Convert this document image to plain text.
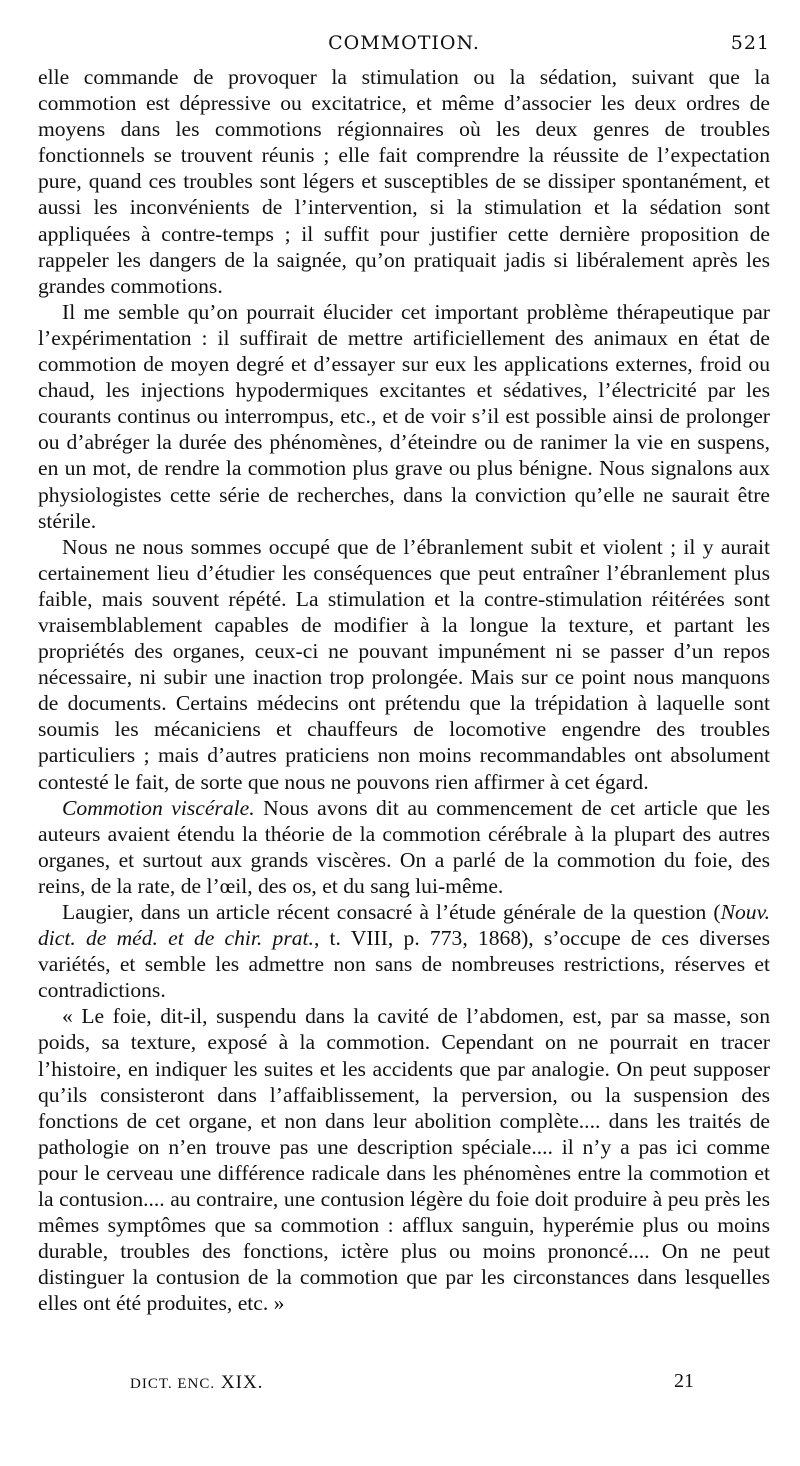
COMMOTION.	521

elle commande de provoquer la stimulation ou la sédation, suivant que la commotion est dépressive ou excitatrice, et même d’associer les deux ordres de moyens dans les commotions régionnaires où les deux genres de troubles fonctionnels se trouvent réunis ; elle fait comprendre la réussite de l’expectation pure, quand ces troubles sont légers et susceptibles de se dissiper spontanément, et aussi les inconvénients de l’intervention, si la stimulation et la sédation sont appliquées à contre-temps ; il suffit pour justifier cette dernière proposition de rappeler les dangers de la saignée, qu’on pratiquait jadis si libéralement après les grandes commotions.

Il me semble qu’on pourrait élucider cet important problème thérapeutique par l’expérimentation : il suffirait de mettre artificiellement des animaux en état de commotion de moyen degré et d’essayer sur eux les applications externes, froid ou chaud, les injections hypodermiques excitantes et sédatives, l’électricité par les courants continus ou interrompus, etc., et de voir s’il est possible ainsi de prolonger ou d’abréger la durée des phénomènes, d’éteindre ou de ranimer la vie en suspens, en un mot, de rendre la commotion plus grave ou plus bénigne. Nous signalons aux physiologistes cette série de recherches, dans la conviction qu’elle ne saurait être stérile.

Nous ne nous sommes occupé que de l’ébranlement subit et violent ; il y aurait certainement lieu d’étudier les conséquences que peut entraîner l’ébranlement plus faible, mais souvent répété. La stimulation et la contre-stimulation réitérées sont vraisemblablement capables de modifier à la longue la texture, et partant les propriétés des organes, ceux-ci ne pouvant impunément ni se passer d’un repos nécessaire, ni subir une inaction trop prolongée. Mais sur ce point nous manquons de documents. Certains médecins ont prétendu que la trépidation à laquelle sont soumis les mécaniciens et chauffeurs de locomotive engendre des troubles particuliers ; mais d’autres praticiens non moins recommandables ont absolument contesté le fait, de sorte que nous ne pouvons rien affirmer à cet égard.

Commotion viscérale. Nous avons dit au commencement de cet article que les auteurs avaient étendu la théorie de la commotion cérébrale à la plupart des autres organes, et surtout aux grands viscères. On a parlé de la commotion du foie, des reins, de la rate, de l’œil, des os, et du sang lui-même.

Laugier, dans un article récent consacré à l’étude générale de la question (Nouv. dict. de méd. et de chir. prat., t. VIII, p. 773, 1868), s’occupe de ces diverses variétés, et semble les admettre non sans de nombreuses restrictions, réserves et contradictions.

« Le foie, dit-il, suspendu dans la cavité de l’abdomen, est, par sa masse, son poids, sa texture, exposé à la commotion. Cependant on ne pourrait en tracer l’histoire, en indiquer les suites et les accidents que par analogie. On peut supposer qu’ils consisteront dans l’affaiblissement, la perversion, ou la suspension des fonctions de cet organe, et non dans leur abolition complète.... dans les traités de pathologie on n’en trouve pas une description spéciale.... il n’y a pas ici comme pour le cerveau une différence radicale dans les phénomènes entre la commotion et la contusion.... au contraire, une contusion légère du foie doit produire à peu près les mêmes symptômes que sa commotion : afflux sanguin, hyperémie plus ou moins durable, troubles des fonctions, ictère plus ou moins prononcé.... On ne peut distinguer la contusion de la commotion que par les circonstances dans lesquelles elles ont été produites, etc. »

DICT. ENC. XIX.	21
